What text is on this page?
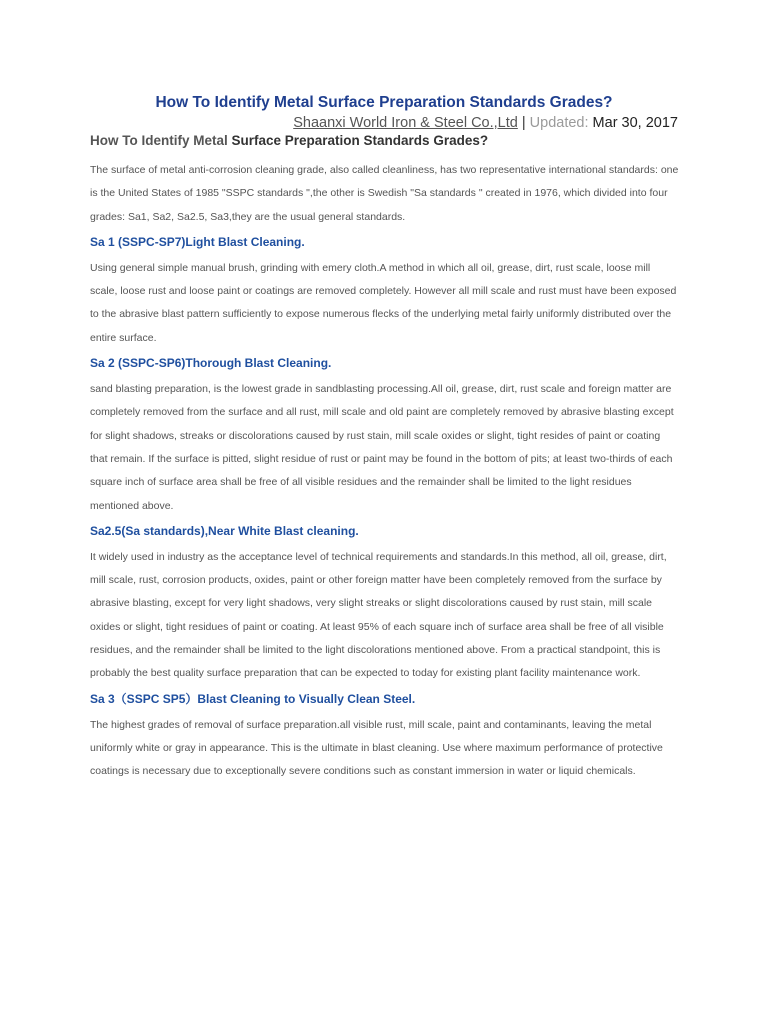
How To Identify Metal Surface Preparation Standards Grades?
Shaanxi World Iron & Steel Co.,Ltd | Updated: Mar 30, 2017
How To Identify Metal Surface Preparation Standards Grades?

The surface of metal anti-corrosion cleaning grade, also called cleanliness, has two representative international standards: one is the United States of 1985 "SSPC standards ",the other is Swedish "Sa standards " created in 1976, which divided into four grades: Sa1, Sa2, Sa2.5, Sa3,they are the usual general standards.

Sa 1 (SSPC-SP7)Light Blast Cleaning.

Using general simple manual brush, grinding with emery cloth.A method in which all oil, grease, dirt, rust scale, loose mill scale, loose rust and loose paint or coatings are removed completely. However all mill scale and rust must have been exposed to the abrasive blast pattern sufficiently to expose numerous flecks of the underlying metal fairly uniformly distributed over the entire surface.

Sa 2 (SSPC-SP6)Thorough Blast Cleaning.

sand blasting preparation, is the lowest grade in sandblasting processing.All oil, grease, dirt, rust scale and foreign matter are completely removed from the surface and all rust, mill scale and old paint are completely removed by abrasive blasting except for slight shadows, streaks or discolorations caused by rust stain, mill scale oxides or slight, tight resides of paint or coating that remain. If the surface is pitted, slight residue of rust or paint may be found in the bottom of pits; at least two-thirds of each square inch of surface area shall be free of all visible residues and the remainder shall be limited to the light residues mentioned above.

Sa2.5(Sa standards),Near White Blast cleaning.

It widely used in industry as the acceptance level of technical requirements and standards.In this method, all oil, grease, dirt, mill scale, rust, corrosion products, oxides, paint or other foreign matter have been completely removed from the surface by abrasive blasting, except for very light shadows, very slight streaks or slight discolorations caused by rust stain, mill scale oxides or slight, tight residues of paint or coating. At least 95% of each square inch of surface area shall be free of all visible residues, and the remainder shall be limited to the light discolorations mentioned above. From a practical standpoint, this is probably the best quality surface preparation that can be expected to today for existing plant facility maintenance work.

Sa 3（SSPC SP5）Blast Cleaning to Visually Clean Steel.

The highest grades of removal of surface preparation.all visible rust, mill scale, paint and contaminants, leaving the metal uniformly white or gray in appearance. This is the ultimate in blast cleaning. Use where maximum performance of protective coatings is necessary due to exceptionally severe conditions such as constant immersion in water or liquid chemicals.
